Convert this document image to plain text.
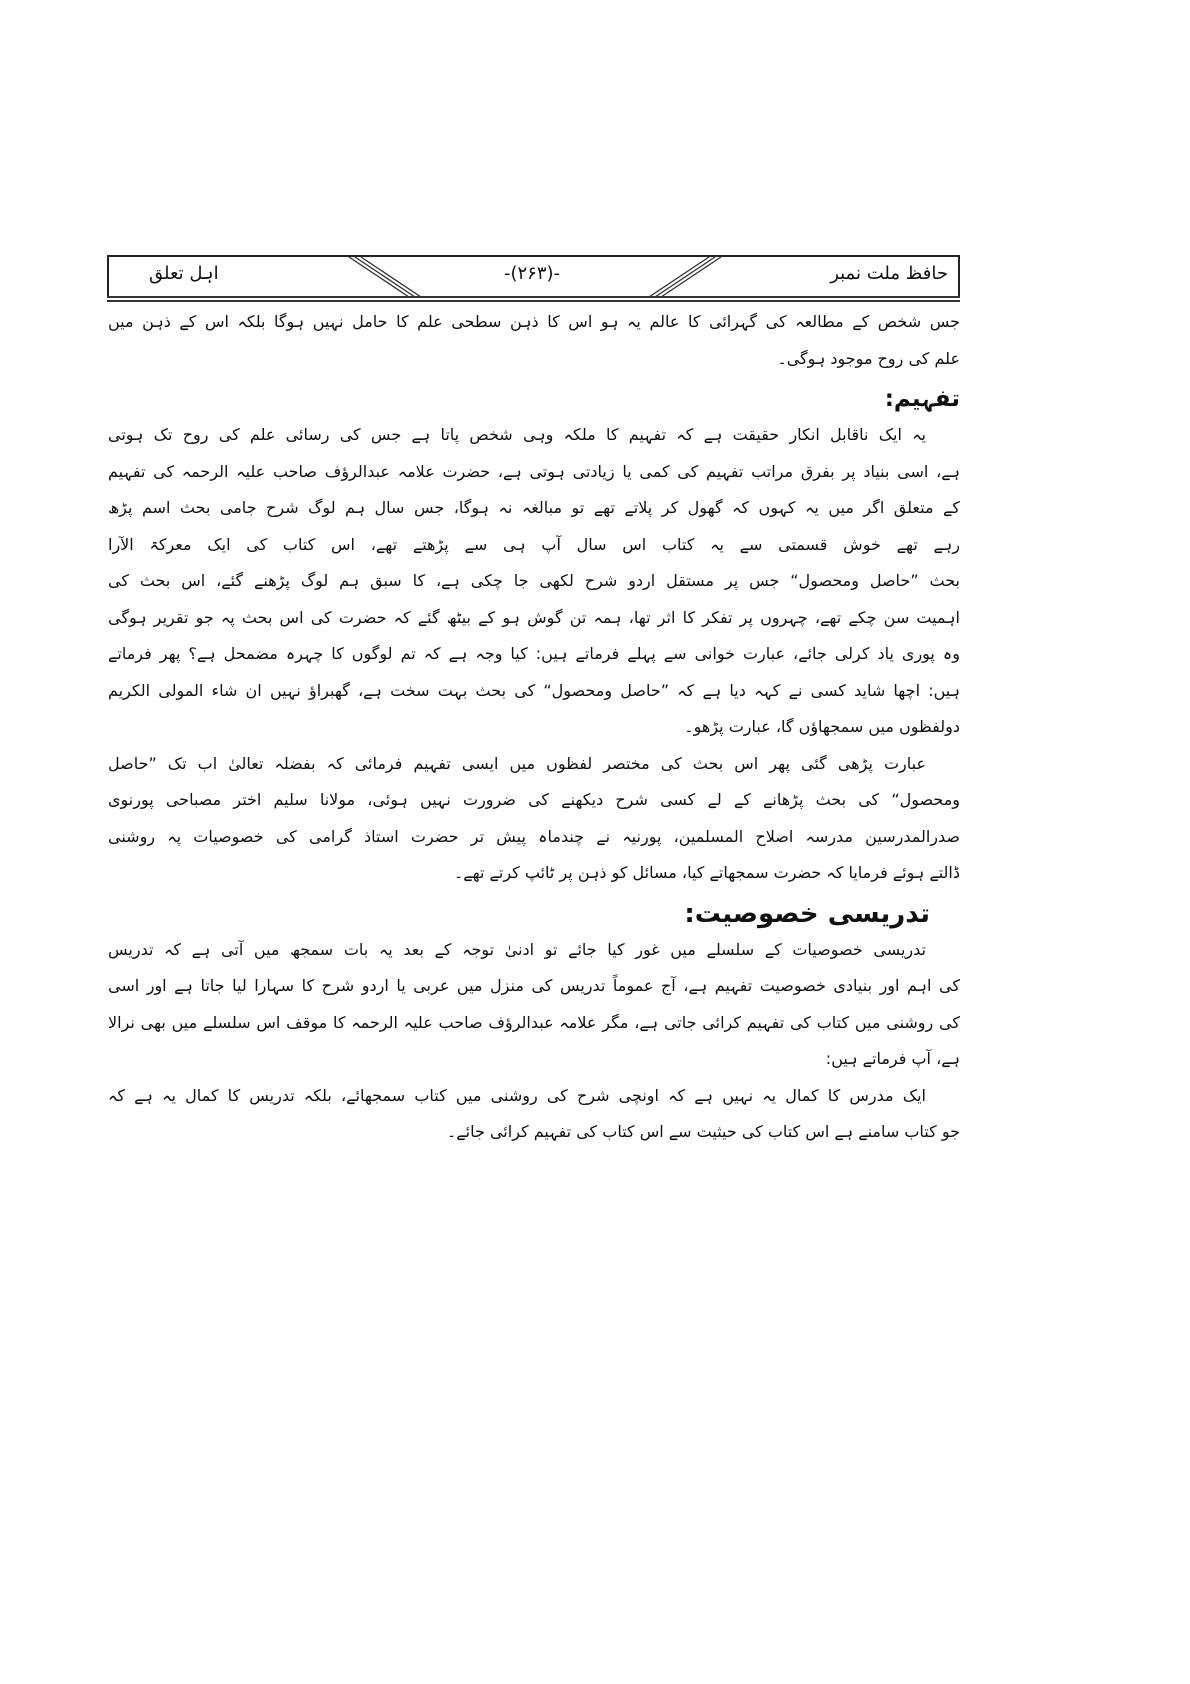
اہل تعلق	-(۲۶۳)-	حافظ ملت نمبر
جس شخص کے مطالعہ کی گہرائی کا عالم یہ ہو اس کا ذہن سطحی علم کا حامل نہیں ہوگا بلکہ اس کے ذہن میں
علم کی روح موجود ہوگی۔
تفہیم:
یہ ایک ناقابل انکار حقیقت ہے کہ تفہیم کا ملکہ وہی شخص پاتا ہے جس کی رسائی علم کی روح تک ہوتی
ہے، اسی بنیاد پر بفرق مراتب تفہیم کی کمی یا زیادتی ہوتی ہے، حضرت علامہ عبدالرؤف صاحب علیہ الرحمہ کی تفہیم
کے متعلق اگر میں یہ کہوں کہ گھول کر پلاتے تھے تو مبالغہ نہ ہوگا، جس سال ہم لوگ شرح جامی بحث اسم پڑھ
رہے تھے خوش قسمتی سے یہ کتاب اس سال آپ ہی سے پڑھتے تھے، اس کتاب کی ایک معرکۃ الآرا
بحث ”حاصل ومحصول“ جس پر مستقل اردو شرح لکھی جا چکی ہے، کا سبق ہم لوگ پڑھنے گئے، اس بحث کی
اہمیت سن چکے تھے، چہروں پر تفکر کا اثر تھا، ہمہ تن گوش ہو کے بیٹھ گئے کہ حضرت کی اس بحث پہ جو تقریر ہوگی
وہ پوری یاد کرلی جائے، عبارت خوانی سے پہلے فرماتے ہیں: کیا وجہ ہے کہ تم لوگوں کا چہرہ مضمحل ہے؟ پھر فرماتے
ہیں: اچھا شاید کسی نے کہہ دیا ہے کہ ”حاصل ومحصول“ کی بحث بہت سخت ہے، گھبراؤ نہیں ان شاء المولی الکریم
دولفظوں میں سمجھاؤں گا، عبارت پڑھو۔
عبارت پڑھی گئی پھر اس بحث کی مختصر لفظوں میں ایسی تفہیم فرمائی کہ بفضلہ تعالیٰ اب تک ”حاصل
ومحصول“ کی بحث پڑھانے کے لے کسی شرح دیکھنے کی ضرورت نہیں ہوئی، مولانا سلیم اختر مصباحی پورنوی
صدرالمدرسین مدرسہ اصلاح المسلمین، پورنیہ نے چندماہ پیش تر حضرت استاذ گرامی کی خصوصیات پہ روشنی
ڈالتے ہوئے فرمایا کہ حضرت سمجھاتے کیا، مسائل کو ذہن پر ٹائپ کرتے تھے۔
تدریسی خصوصیت:
تدریسی خصوصیات کے سلسلے میں غور کیا جائے تو ادنیٰ توجہ کے بعد یہ بات سمجھ میں آتی ہے کہ تدریس
کی اہم اور بنیادی خصوصیت تفہیم ہے، آج عموماً تدریس کی منزل میں عربی یا اردو شرح کا سہارا لیا جاتا ہے اور اسی
کی روشنی میں کتاب کی تفہیم کرائی جاتی ہے، مگر علامہ عبدالرؤف صاحب علیہ الرحمہ کا موقف اس سلسلے میں بھی نرالا
ہے، آپ فرماتے ہیں:
ایک مدرس کا کمال یہ نہیں ہے کہ اونچی شرح کی روشنی میں کتاب سمجھائے، بلکہ تدریس کا کمال یہ ہے کہ
جو کتاب سامنے ہے اس کتاب کی حیثیت سے اس کتاب کی تفہیم کرائی جائے۔
